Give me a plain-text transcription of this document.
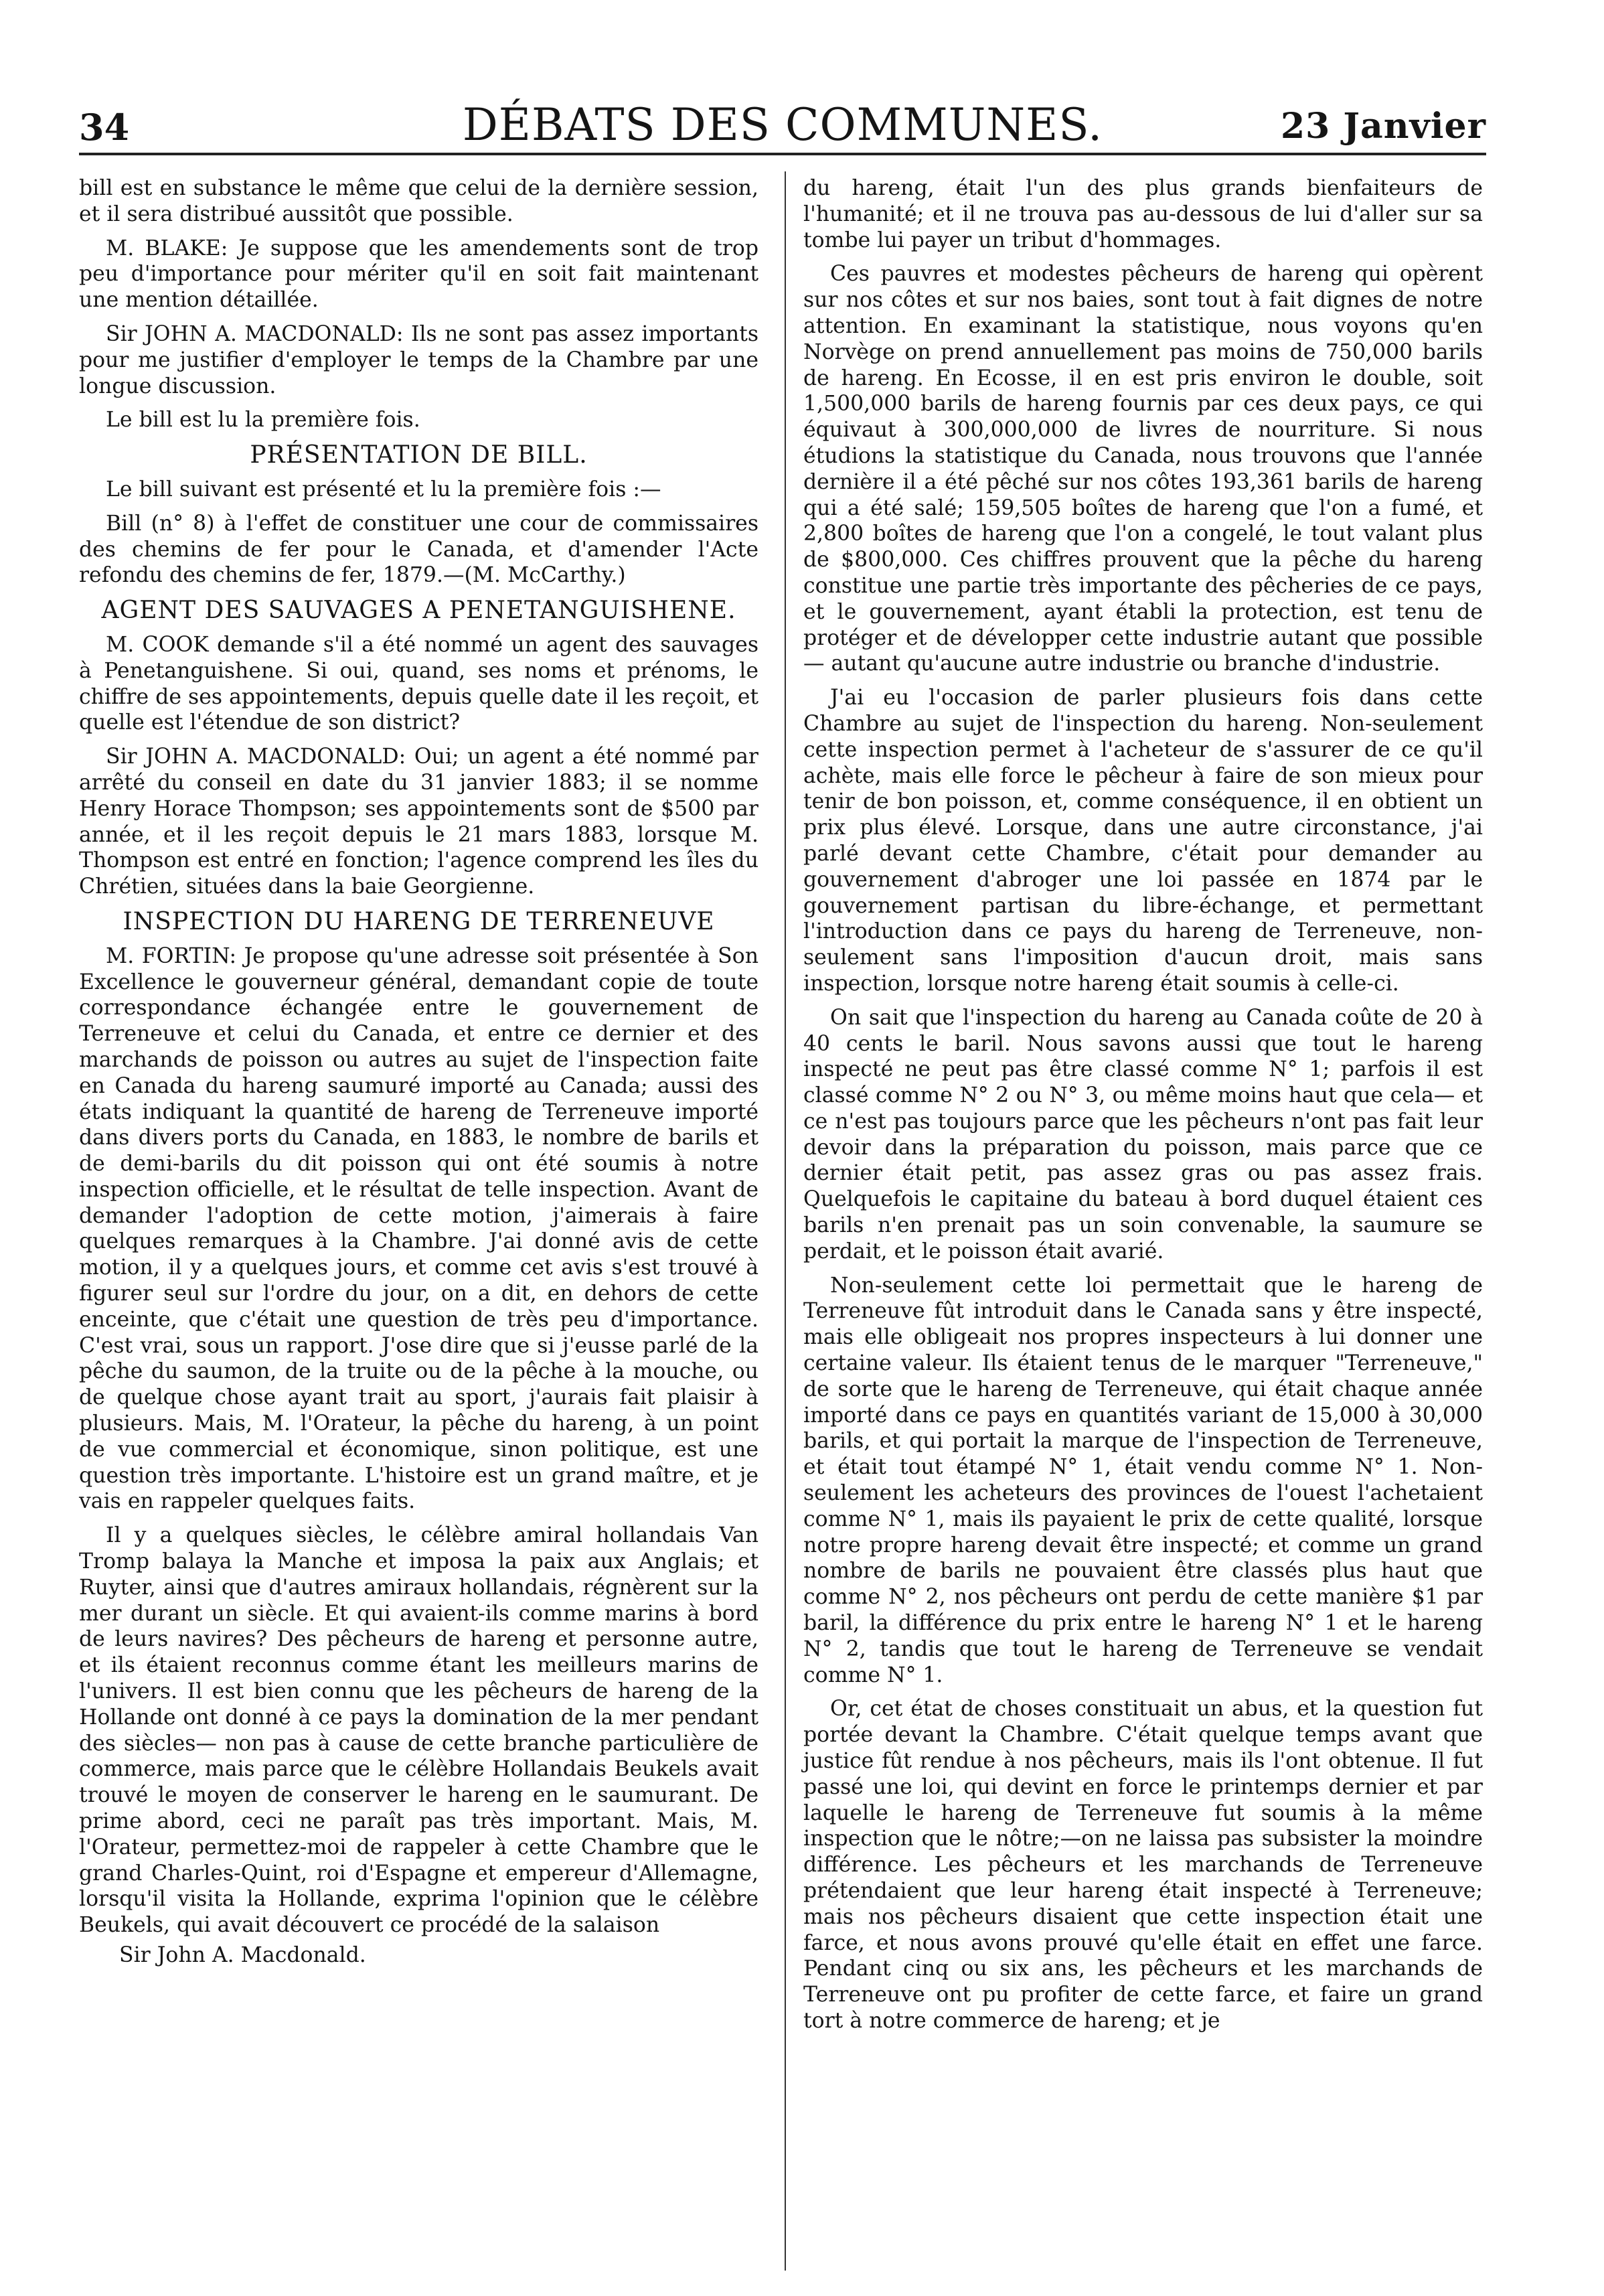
34	DÉBATS DES COMMUNES.	23 Janvier

bill est en substance le même que celui de la dernière session, et il sera distribué aussitôt que possible.

M. BLAKE: Je suppose que les amendements sont de trop peu d'importance pour mériter qu'il en soit fait maintenant une mention détaillée.

Sir JOHN A. MACDONALD: Ils ne sont pas assez importants pour me justifier d'employer le temps de la Chambre par une longue discussion.

Le bill est lu la première fois.

PRÉSENTATION DE BILL.

Le bill suivant est présenté et lu la première fois :—

Bill (n° 8) à l'effet de constituer une cour de commissaires des chemins de fer pour le Canada, et d'amender l'Acte refondu des chemins de fer, 1879.—(M. McCarthy.)

AGENT DES SAUVAGES A PENETANGUISHENE.

M. COOK demande s'il a été nommé un agent des sauvages à Penetanguishene. Si oui, quand, ses noms et prénoms, le chiffre de ses appointements, depuis quelle date il les reçoit, et quelle est l'étendue de son district?

Sir JOHN A. MACDONALD: Oui; un agent a été nommé par arrêté du conseil en date du 31 janvier 1883; il se nomme Henry Horace Thompson; ses appointements sont de $500 par année, et il les reçoit depuis le 21 mars 1883, lorsque M. Thompson est entré en fonction; l'agence comprend les îles du Chrétien, situées dans la baie Georgienne.

INSPECTION DU HARENG DE TERRENEUVE

M. FORTIN: Je propose qu'une adresse soit présentée à Son Excellence le gouverneur général, demandant copie de toute correspondance échangée entre le gouvernement de Terreneuve et celui du Canada, et entre ce dernier et des marchands de poisson ou autres au sujet de l'inspection faite en Canada du hareng saumuré importé au Canada; aussi des états indiquant la quantité de hareng de Terreneuve importé dans divers ports du Canada, en 1883, le nombre de barils et de demi-barils du dit poisson qui ont été soumis à notre inspection officielle, et le résultat de telle inspection. Avant de demander l'adoption de cette motion, j'aimerais à faire quelques remarques à la Chambre. J'ai donné avis de cette motion, il y a quelques jours, et comme cet avis s'est trouvé à figurer seul sur l'ordre du jour, on a dit, en dehors de cette enceinte, que c'était une question de très peu d'importance. C'est vrai, sous un rapport. J'ose dire que si j'eusse parlé de la pêche du saumon, de la truite ou de la pêche à la mouche, ou de quelque chose ayant trait au sport, j'aurais fait plaisir à plusieurs. Mais, M. l'Orateur, la pêche du hareng, à un point de vue commercial et économique, sinon politique, est une question très importante. L'histoire est un grand maître, et je vais en rappeler quelques faits.

Il y a quelques siècles, le célèbre amiral hollandais Van Tromp balaya la Manche et imposa la paix aux Anglais; et Ruyter, ainsi que d'autres amiraux hollandais, régnèrent sur la mer durant un siècle. Et qui avaient-ils comme marins à bord de leurs navires? Des pêcheurs de hareng et personne autre, et ils étaient reconnus comme étant les meilleurs marins de l'univers. Il est bien connu que les pêcheurs de hareng de la Hollande ont donné à ce pays la domination de la mer pendant des siècles— non pas à cause de cette branche particulière de commerce, mais parce que le célèbre Hollandais Beukels avait trouvé le moyen de conserver le hareng en le saumurant. De prime abord, ceci ne paraît pas très important. Mais, M. l'Orateur, permettez-moi de rappeler à cette Chambre que le grand Charles-Quint, roi d'Espagne et empereur d'Allemagne, lorsqu'il visita la Hollande, exprima l'opinion que le célèbre Beukels, qui avait découvert ce procédé de la salaison

Sir John A. Macdonald.

du hareng, était l'un des plus grands bienfaiteurs de l'humanité; et il ne trouva pas au-dessous de lui d'aller sur sa tombe lui payer un tribut d'hommages.

Ces pauvres et modestes pêcheurs de hareng qui opèrent sur nos côtes et sur nos baies, sont tout à fait dignes de notre attention. En examinant la statistique, nous voyons qu'en Norvège on prend annuellement pas moins de 750,000 barils de hareng. En Ecosse, il en est pris environ le double, soit 1,500,000 barils de hareng fournis par ces deux pays, ce qui équivaut à 300,000,000 de livres de nourriture. Si nous étudions la statistique du Canada, nous trouvons que l'année dernière il a été pêché sur nos côtes 193,361 barils de hareng qui a été salé; 159,505 boîtes de hareng que l'on a fumé, et 2,800 boîtes de hareng que l'on a congelé, le tout valant plus de $800,000. Ces chiffres prouvent que la pêche du hareng constitue une partie très importante des pêcheries de ce pays, et le gouvernement, ayant établi la protection, est tenu de protéger et de développer cette industrie autant que possible— autant qu'aucune autre industrie ou branche d'industrie.

J'ai eu l'occasion de parler plusieurs fois dans cette Chambre au sujet de l'inspection du hareng. Non-seulement cette inspection permet à l'acheteur de s'assurer de ce qu'il achète, mais elle force le pêcheur à faire de son mieux pour tenir de bon poisson, et, comme conséquence, il en obtient un prix plus élevé. Lorsque, dans une autre circonstance, j'ai parlé devant cette Chambre, c'était pour demander au gouvernement d'abroger une loi passée en 1874 par le gouvernement partisan du libre-échange, et permettant l'introduction dans ce pays du hareng de Terreneuve, non-seulement sans l'imposition d'aucun droit, mais sans inspection, lorsque notre hareng était soumis à celle-ci.

On sait que l'inspection du hareng au Canada coûte de 20 à 40 cents le baril. Nous savons aussi que tout le hareng inspecté ne peut pas être classé comme N° 1; parfois il est classé comme N° 2 ou N° 3, ou même moins haut que cela— et ce n'est pas toujours parce que les pêcheurs n'ont pas fait leur devoir dans la préparation du poisson, mais parce que ce dernier était petit, pas assez gras ou pas assez frais. Quelquefois le capitaine du bateau à bord duquel étaient ces barils n'en prenait pas un soin convenable, la saumure se perdait, et le poisson était avarié.

Non-seulement cette loi permettait que le hareng de Terreneuve fût introduit dans le Canada sans y être inspecté, mais elle obligeait nos propres inspecteurs à lui donner une certaine valeur. Ils étaient tenus de le marquer "Terreneuve," de sorte que le hareng de Terreneuve, qui était chaque année importé dans ce pays en quantités variant de 15,000 à 30,000 barils, et qui portait la marque de l'inspection de Terreneuve, et était tout étampé N° 1, était vendu comme N° 1. Non-seulement les acheteurs des provinces de l'ouest l'achetaient comme N° 1, mais ils payaient le prix de cette qualité, lorsque notre propre hareng devait être inspecté; et comme un grand nombre de barils ne pouvaient être classés plus haut que comme N° 2, nos pêcheurs ont perdu de cette manière $1 par baril, la différence du prix entre le hareng N° 1 et le hareng N° 2, tandis que tout le hareng de Terreneuve se vendait comme N° 1.

Or, cet état de choses constituait un abus, et la question fut portée devant la Chambre. C'était quelque temps avant que justice fût rendue à nos pêcheurs, mais ils l'ont obtenue. Il fut passé une loi, qui devint en force le printemps dernier et par laquelle le hareng de Terreneuve fut soumis à la même inspection que le nôtre;—on ne laissa pas subsister la moindre différence. Les pêcheurs et les marchands de Terreneuve prétendaient que leur hareng était inspecté à Terreneuve; mais nos pêcheurs disaient que cette inspection était une farce, et nous avons prouvé qu'elle était en effet une farce. Pendant cinq ou six ans, les pêcheurs et les marchands de Terreneuve ont pu profiter de cette farce, et faire un grand tort à notre commerce de hareng; et je
